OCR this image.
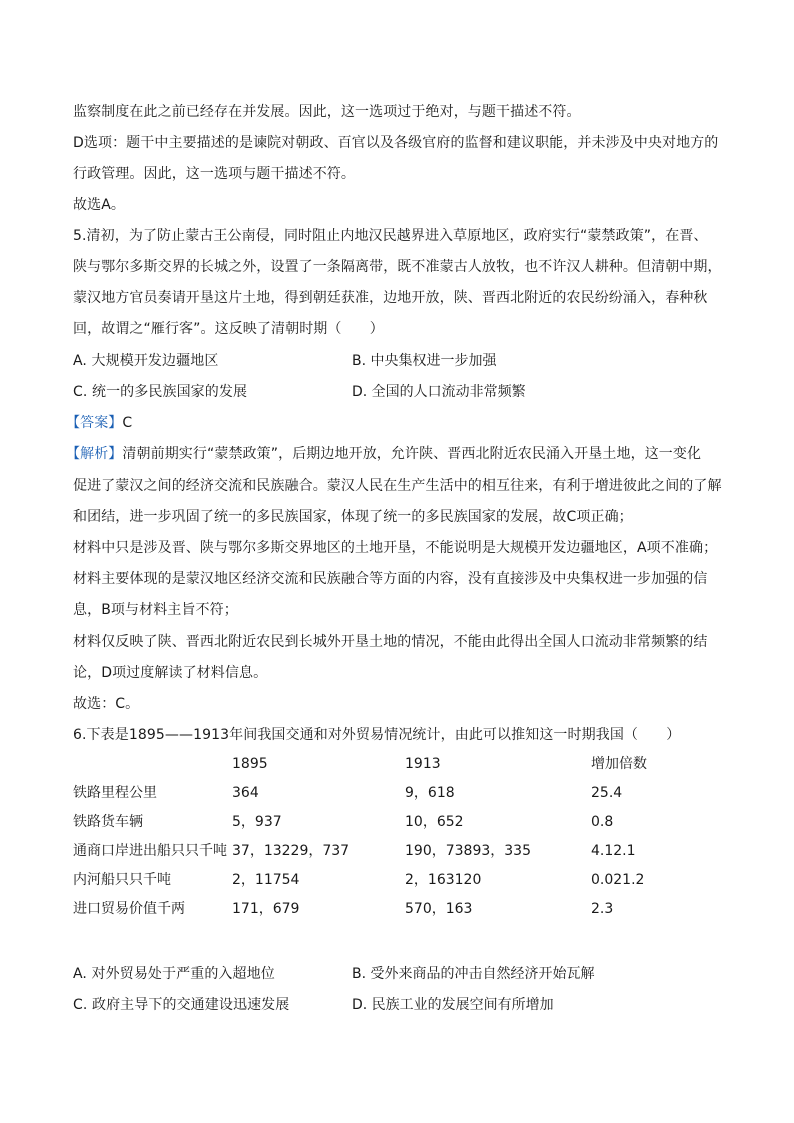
监察制度在此之前已经存在并发展。因此，这一选项过于绝对，与题干描述不符。
D选项：题干中主要描述的是谏院对朝政、百官以及各级官府的监督和建议职能，并未涉及中央对地方的
行政管理。因此，这一选项与题干描述不符。
故选A。
5.清初，为了防止蒙古王公南侵，同时阻止内地汉民越界进入草原地区，政府实行“蒙禁政策”，在晋、
陕与鄂尔多斯交界的长城之外，设置了一条隔离带，既不准蒙古人放牧，也不许汉人耕种。但清朝中期，
蒙汉地方官员奏请开垦这片土地，得到朝廷获准，边地开放，陕、晋西北附近的农民纷纷涌入，春种秋
回，故谓之“雁行客”。这反映了清朝时期（　　）
A. 大规模开发边疆地区	B. 中央集权进一步加强
C. 统一的多民族国家的发展	D. 全国的人口流动非常频繁
【答案】C
【解析】清朝前期实行“蒙禁政策”，后期边地开放，允许陕、晋西北附近农民涌入开垦土地，这一变化
促进了蒙汉之间的经济交流和民族融合。蒙汉人民在生产生活中的相互往来，有利于增进彼此之间的了解
和团结，进一步巩固了统一的多民族国家，体现了统一的多民族国家的发展，故C项正确；
材料中只是涉及晋、陕与鄂尔多斯交界地区的土地开垦，不能说明是大规模开发边疆地区，A项不准确；
材料主要体现的是蒙汉地区经济交流和民族融合等方面的内容，没有直接涉及中央集权进一步加强的信
息，B项与材料主旨不符；
材料仅反映了陕、晋西北附近农民到长城外开垦土地的情况，不能由此得出全国人口流动非常频繁的结
论，D项过度解读了材料信息。
故选：C。
6.下表是1895——1913年间我国交通和对外贸易情况统计，由此可以推知这一时期我国（　　）
1895	1913	增加倍数
铁路里程公里	364	9，618	25.4
铁路货车辆	5，937	10，652	0.8
通商口岸进出船只只千吨 37，13229，737	190，73893，335	4.12.1
内河船只只千吨	2，11754	2，163120	0.021.2
进口贸易价值千两	171，679	570，163	2.3
A. 对外贸易处于严重的入超地位	B. 受外来商品的冲击自然经济开始瓦解
C. 政府主导下的交通建设迅速发展	D. 民族工业的发展空间有所增加
